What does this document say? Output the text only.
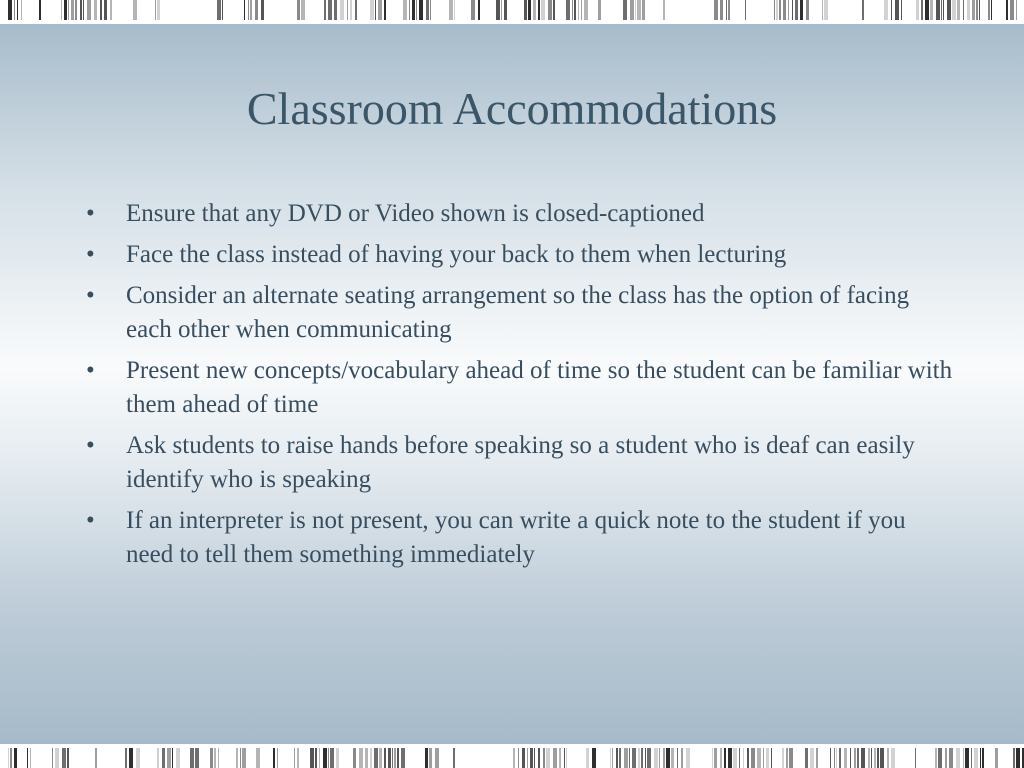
Classroom Accommodations
•	Ensure that any DVD or Video shown is closed-captioned
•	Face the class instead of having your back to them when lecturing
•	Consider an alternate seating arrangement so the class has the option of facing each other when communicating
•	Present new concepts/vocabulary ahead of time so the student can be familiar with them ahead of time
•	Ask students to raise hands before speaking so a student who is deaf can easily identify who is speaking
•	If an interpreter is not present, you can write a quick note to the student if you need to tell them something immediately
